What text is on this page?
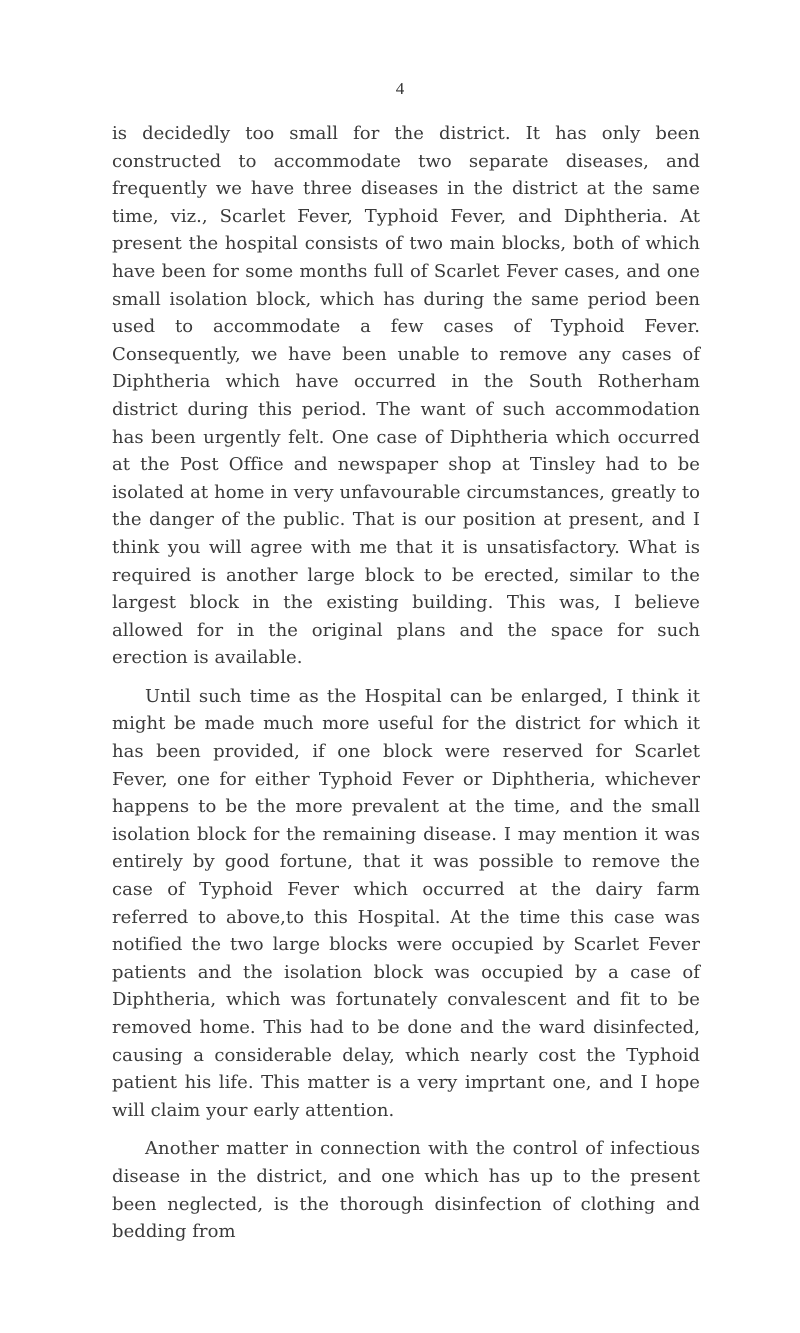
4

is decidedly too small for the district. It has only been constructed to accommodate two separate diseases, and frequently we have three diseases in the district at the same time, viz., Scarlet Fever, Typhoid Fever, and Diphtheria. At present the hospital consists of two main blocks, both of which have been for some months full of Scarlet Fever cases, and one small isolation block, which has during the same period been used to accommodate a few cases of Typhoid Fever. Consequently, we have been unable to remove any cases of Diphtheria which have occurred in the South Rotherham district during this period. The want of such accommodation has been urgently felt. One case of Diphtheria which occurred at the Post Office and newspaper shop at Tinsley had to be isolated at home in very unfavourable circumstances, greatly to the danger of the public. That is our position at present, and I think you will agree with me that it is unsatisfactory. What is required is another large block to be erected, similar to the largest block in the existing building. This was, I believe allowed for in the original plans and the space for such erection is available.

Until such time as the Hospital can be enlarged, I think it might be made much more useful for the district for which it has been provided, if one block were reserved for Scarlet Fever, one for either Typhoid Fever or Diphtheria, whichever happens to be the more prevalent at the time, and the small isolation block for the remaining disease. I may mention it was entirely by good fortune, that it was possible to remove the case of Typhoid Fever which occurred at the dairy farm referred to above,to this Hospital. At the time this case was notified the two large blocks were occupied by Scarlet Fever patients and the isolation block was occupied by a case of Diphtheria, which was fortunately convalescent and fit to be removed home. This had to be done and the ward disinfected, causing a considerable delay, which nearly cost the Typhoid patient his life. This matter is a very imprtant one, and I hope will claim your early attention.

Another matter in connection with the control of infectious disease in the district, and one which has up to the present been neglected, is the thorough disinfection of clothing and bedding from
